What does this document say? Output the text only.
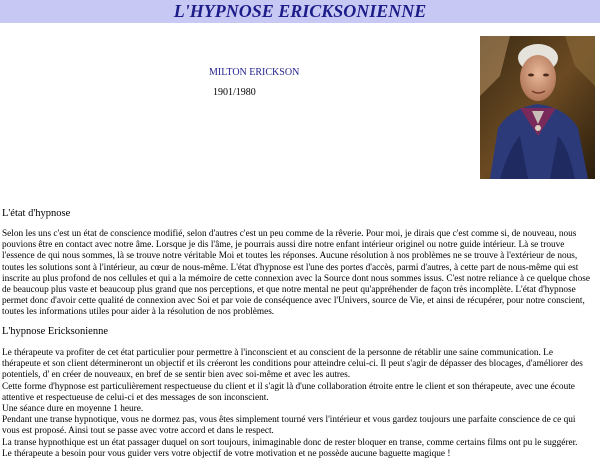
L'HYPNOSE ERICKSONIENNE
MILTON ERICKSON
1901/1980
L'état d'hypnose

Selon les uns c'est un état de conscience modifié, selon d'autres c'est un peu comme de la rêverie. Pour moi, je dirais que c'est comme si, de nouveau, nous pouvions être en contact avec notre âme. Lorsque je dis l'âme, je pourrais aussi dire notre enfant intérieur originel ou notre guide intérieur. Là se trouve l'essence de qui nous sommes, là se trouve notre véritable Moi et toutes les réponses. Aucune résolution à nos problèmes ne se trouve à l'extérieur de nous, toutes les solutions sont à l'intérieur, au cœur de nous-même. L'état d'hypnose est l'une des portes d'accès, parmi d'autres, à cette part de nous-même qui est inscrite au plus profond de nos cellules et qui a la mémoire de cette connexion avec la Source dont nous sommes issus. C'est notre reliance à ce quelque chose de beaucoup plus vaste et beaucoup plus grand que nos perceptions, et que notre mental ne peut qu'appréhender de façon très incomplète. L'état d'hypnose permet donc d'avoir cette qualité de connexion avec Soi et par voie de conséquence avec l'Univers, source de Vie, et ainsi de récupérer, pour notre conscient, toutes les informations utiles pour aider à la résolution de nos problèmes.

L'hypnose Ericksonienne

Le thérapeute va profiter de cet état particulier pour permettre à l'inconscient et au conscient de la personne de rétablir une saine communication. Le thérapeute et son client détermineront un objectif et ils créeront les conditions pour atteindre celui-ci. Il peut s'agir de dépasser des blocages, d'améliorer des potentiels, d' en créer de nouveaux, en bref de se sentir bien avec soi-même et avec les autres.

Cette forme d'hypnose est particulièrement respectueuse du client et il s'agit là d'une collaboration étroite entre le client et son thérapeute, avec une écoute attentive et respectueuse de celui-ci et des messages de son inconscient.

Une séance dure en moyenne 1 heure.

Pendant une transe hypnotique, vous ne dormez pas, vous êtes simplement tourné vers l'intérieur et vous gardez toujours une parfaite conscience de ce qui vous est proposé. Ainsi tout se passe avec votre accord et dans le respect.

La transe hypnothique est un état passager duquel on sort toujours, inimaginable donc de rester bloquer en transe, comme certains films ont pu le suggérer.

Le thérapeute a besoin pour vous guider vers votre objectif de votre motivation et ne possède aucune baguette magique !
